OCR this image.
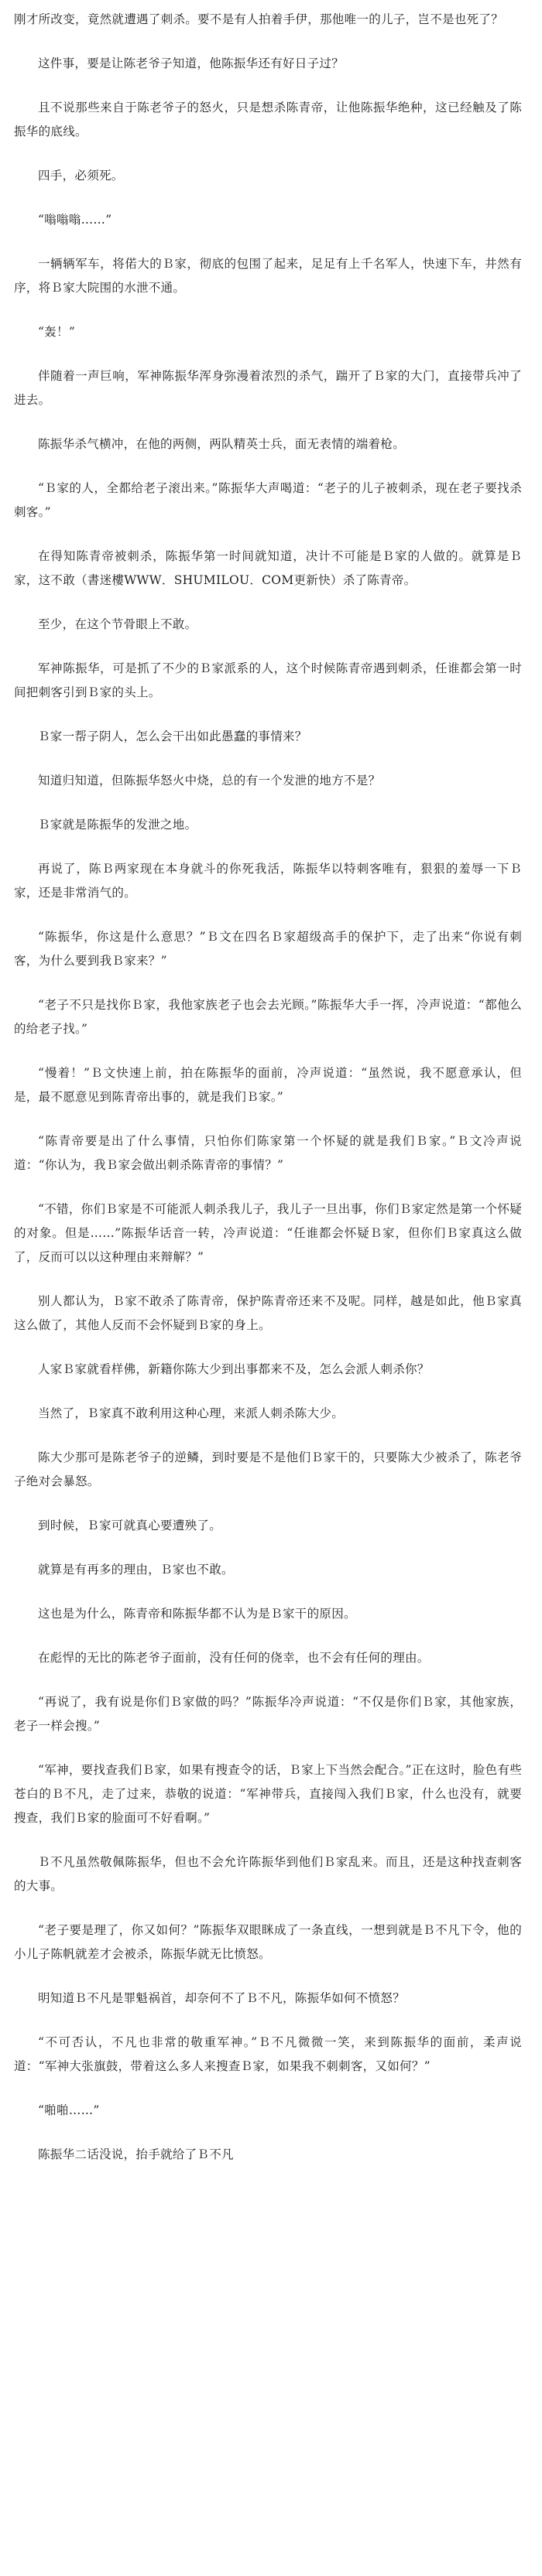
刚才所改变，竟然就遭遇了刺杀。要不是有人拍着手伊，那他唯一的儿子，岂不是也死了？

这件事，要是让陈老爷子知道，他陈振华还有好日子过？

且不说那些来自于陈老爷子的怒火，只是想杀陈青帝，让他陈振华绝种，这已经触及了陈振华的底线。

四手，必须死。

“嗡嗡嗡……”

一辆辆军车，将偌大的Ｂ家，彻底的包围了起来，足足有上千名军人，快速下车，井然有序，将Ｂ家大院围的水泄不通。

“轰！”

伴随着一声巨响，军神陈振华浑身弥漫着浓烈的杀气，踹开了Ｂ家的大门，直接带兵冲了进去。

陈振华杀气横冲，在他的两侧，两队精英士兵，面无表情的端着枪。

“Ｂ家的人，全都给老子滚出来。”陈振华大声喝道：“老子的儿子被刺杀，现在老子要找杀刺客。”

在得知陈青帝被刺杀，陈振华第一时间就知道，决计不可能是Ｂ家的人做的。就算是Ｂ家，这不敢（書迷樓WWW．SHUMILOU．COM更新快）杀了陈青帝。

至少，在这个节骨眼上不敢。

军神陈振华，可是抓了不少的Ｂ家派系的人，这个时候陈青帝遇到刺杀，任谁都会第一时间把刺客引到Ｂ家的头上。

Ｂ家一帮子阴人，怎么会干出如此愚蠢的事情来？

知道归知道，但陈振华怒火中烧，总的有一个发泄的地方不是？

Ｂ家就是陈振华的发泄之地。

再说了，陈Ｂ两家现在本身就斗的你死我活，陈振华以特刺客唯有，狠狠的羞辱一下Ｂ家，还是非常消气的。

“陈振华，你这是什么意思？”Ｂ文在四名Ｂ家超级高手的保护下，走了出来“你说有刺客，为什么要到我Ｂ家来？”

“老子不只是找你Ｂ家，我他家族老子也会去光顾。”陈振华大手一挥，冷声说道：“都他么的给老子找。”

“慢着！”Ｂ文快速上前，拍在陈振华的面前，冷声说道：“虽然说，我不愿意承认，但是，最不愿意见到陈青帝出事的，就是我们Ｂ家。”

“陈青帝要是出了什么事情，只怕你们陈家第一个怀疑的就是我们Ｂ家。”Ｂ文冷声说道：“你认为，我Ｂ家会做出刺杀陈青帝的事情？”

“不错，你们Ｂ家是不可能派人刺杀我儿子，我儿子一旦出事，你们Ｂ家定然是第一个怀疑的对象。但是……”陈振华话音一转，冷声说道：“任谁都会怀疑Ｂ家，但你们Ｂ家真这么做了，反而可以以这种理由来辩解？”

别人都认为，Ｂ家不敢杀了陈青帝，保护陈青帝还来不及呢。同样，越是如此，他Ｂ家真这么做了，其他人反而不会怀疑到Ｂ家的身上。

人家Ｂ家就看样佛，新籍你陈大少到出事都来不及，怎么会派人刺杀你？

当然了，Ｂ家真不敢利用这种心理，来派人刺杀陈大少。

陈大少那可是陈老爷子的逆鳞，到时要是不是他们Ｂ家干的，只要陈大少被杀了，陈老爷子绝对会暴怒。

到时候，Ｂ家可就真心要遭殃了。

就算是有再多的理由，Ｂ家也不敢。

这也是为什么，陈青帝和陈振华都不认为是Ｂ家干的原因。

在彪悍的无比的陈老爷子面前，没有任何的侥幸，也不会有任何的理由。

“再说了，我有说是你们Ｂ家做的吗？”陈振华冷声说道：“不仅是你们Ｂ家，其他家族，老子一样会搜。”

“军神，要找查我们Ｂ家，如果有搜查令的话，Ｂ家上下当然会配合。”正在这时，脸色有些苍白的Ｂ不凡，走了过来，恭敬的说道：“军神带兵，直接闯入我们Ｂ家，什么也没有，就要搜查，我们Ｂ家的脸面可不好看啊。”

Ｂ不凡虽然敬佩陈振华，但也不会允许陈振华到他们Ｂ家乱来。而且，还是这种找查刺客的大事。

“老子要是理了，你又如何？”陈振华双眼眯成了一条直线，一想到就是Ｂ不凡下令，他的小儿子陈帆就差才会被杀，陈振华就无比愤怒。

明知道Ｂ不凡是罪魁祸首，却奈何不了Ｂ不凡，陈振华如何不愤怒？

“不可否认，不凡也非常的敬重军神。”Ｂ不凡微微一笑，来到陈振华的面前，柔声说道：“军神大张旗鼓，带着这么多人来搜查Ｂ家，如果我不刺刺客，又如何？”

“啪啪……”

陈振华二话没说，抬手就给了Ｂ不凡
